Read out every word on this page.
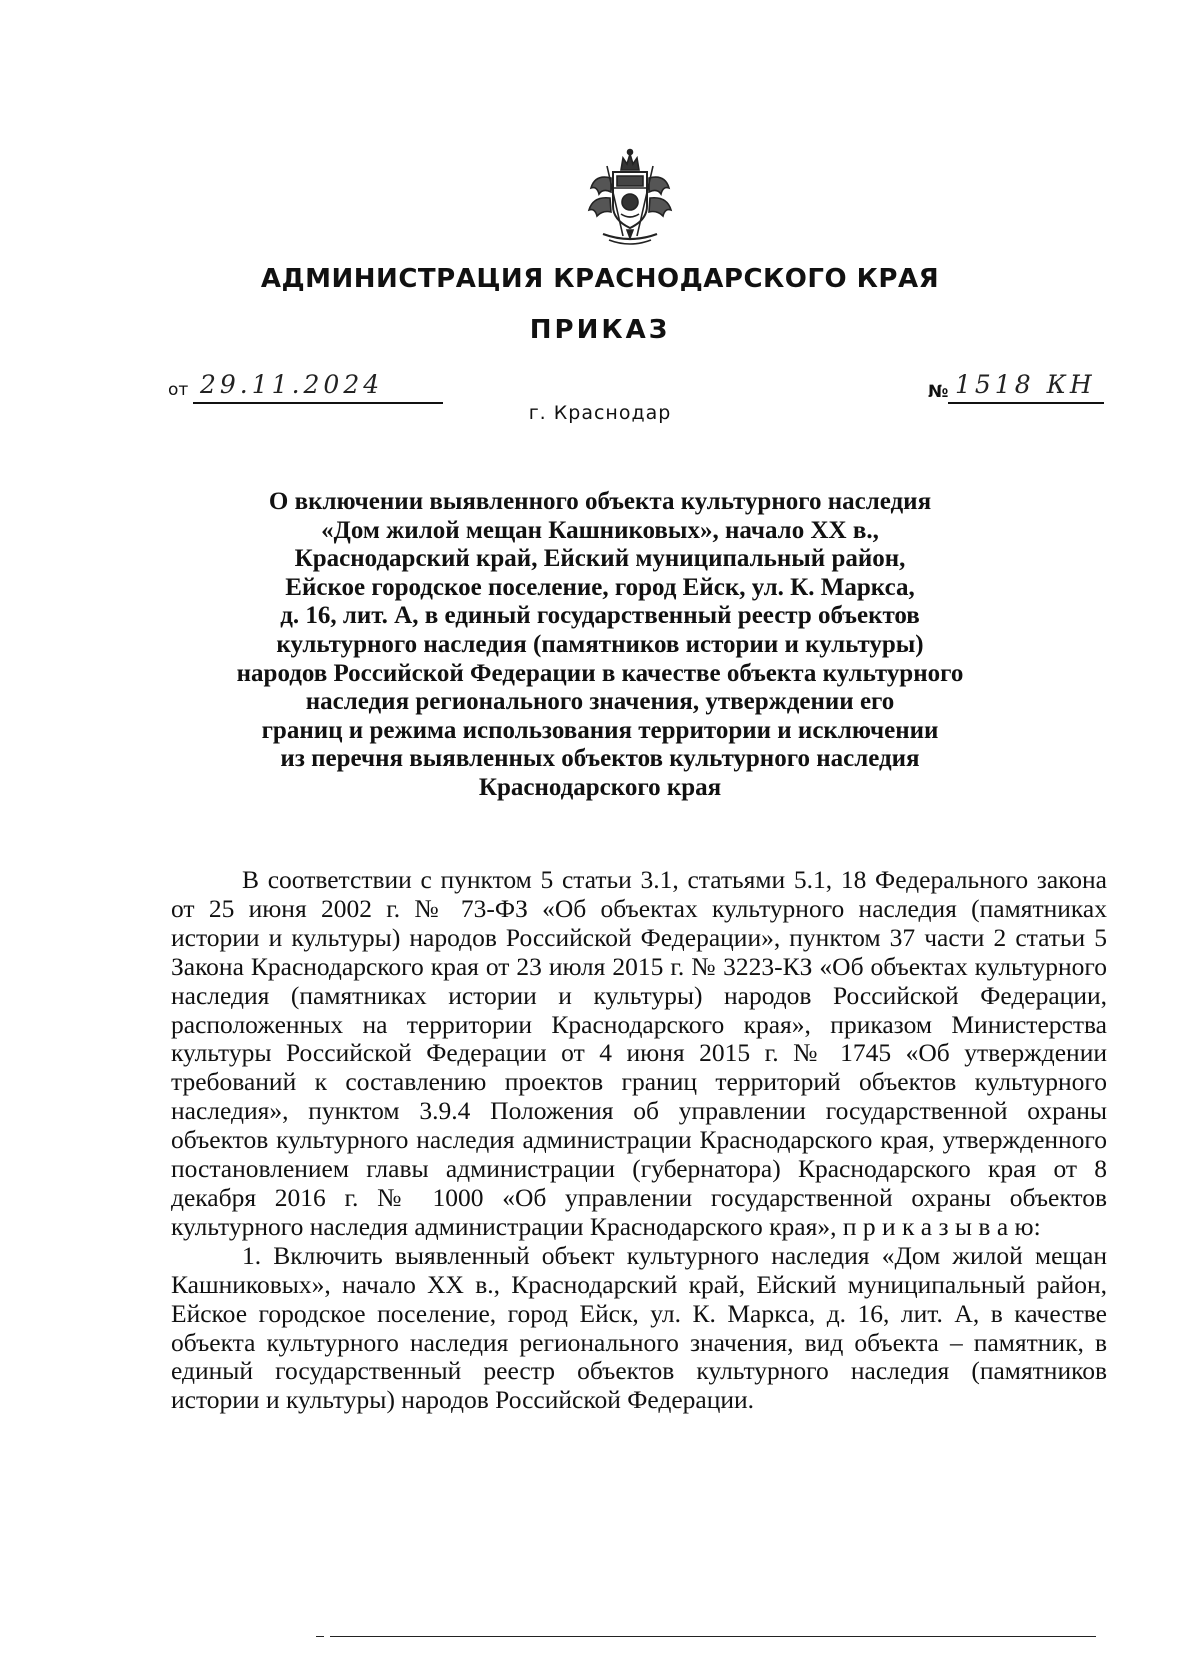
АДМИНИСТРАЦИЯ КРАСНОДАРСКОГО КРАЯ
ПРИКАЗ
от 29.11.2024	№ 1518 КН
г. Краснодар
О включении выявленного объекта культурного наследия
«Дом жилой мещан Кашниковых», начало XX в.,
Краснодарский край, Ейский муниципальный район,
Ейское городское поселение, город Ейск, ул. К. Маркса,
д. 16, лит. А, в единый государственный реестр объектов
культурного наследия (памятников истории и культуры)
народов Российской Федерации в качестве объекта культурного
наследия регионального значения, утверждении его
границ и режима использования территории и исключении
из перечня выявленных объектов культурного наследия
Краснодарского края

В соответствии с пунктом 5 статьи 3.1, статьями 5.1, 18 Федерального закона от 25 июня 2002 г. № 73-ФЗ «Об объектах культурного наследия (памятниках истории и культуры) народов Российской Федерации», пунктом 37 части 2 статьи 5 Закона Краснодарского края от 23 июля 2015 г. № 3223-КЗ «Об объектах культурного наследия (памятниках истории и культуры) народов Российской Федерации, расположенных на территории Краснодарского края», приказом Министерства культуры Российской Федерации от 4 июня 2015 г. № 1745 «Об утверждении требований к составлению проектов границ территорий объектов культурного наследия», пунктом 3.9.4 Положения об управлении государственной охраны объектов культурного наследия администрации Краснодарского края, утвержденного постановлением главы администрации (губернатора) Краснодарского края от 8 декабря 2016 г. № 1000 «Об управлении государственной охраны объектов культурного наследия администрации Краснодарского края», п р и к а з ы в а ю:

1. Включить выявленный объект культурного наследия «Дом жилой мещан Кашниковых», начало XX в., Краснодарский край, Ейский муниципальный район, Ейское городское поселение, город Ейск, ул. К. Маркса, д. 16, лит. А, в качестве объекта культурного наследия регионального значения, вид объекта – памятник, в единый государственный реестр объектов культурного наследия (памятников истории и культуры) народов Российской Федерации.
